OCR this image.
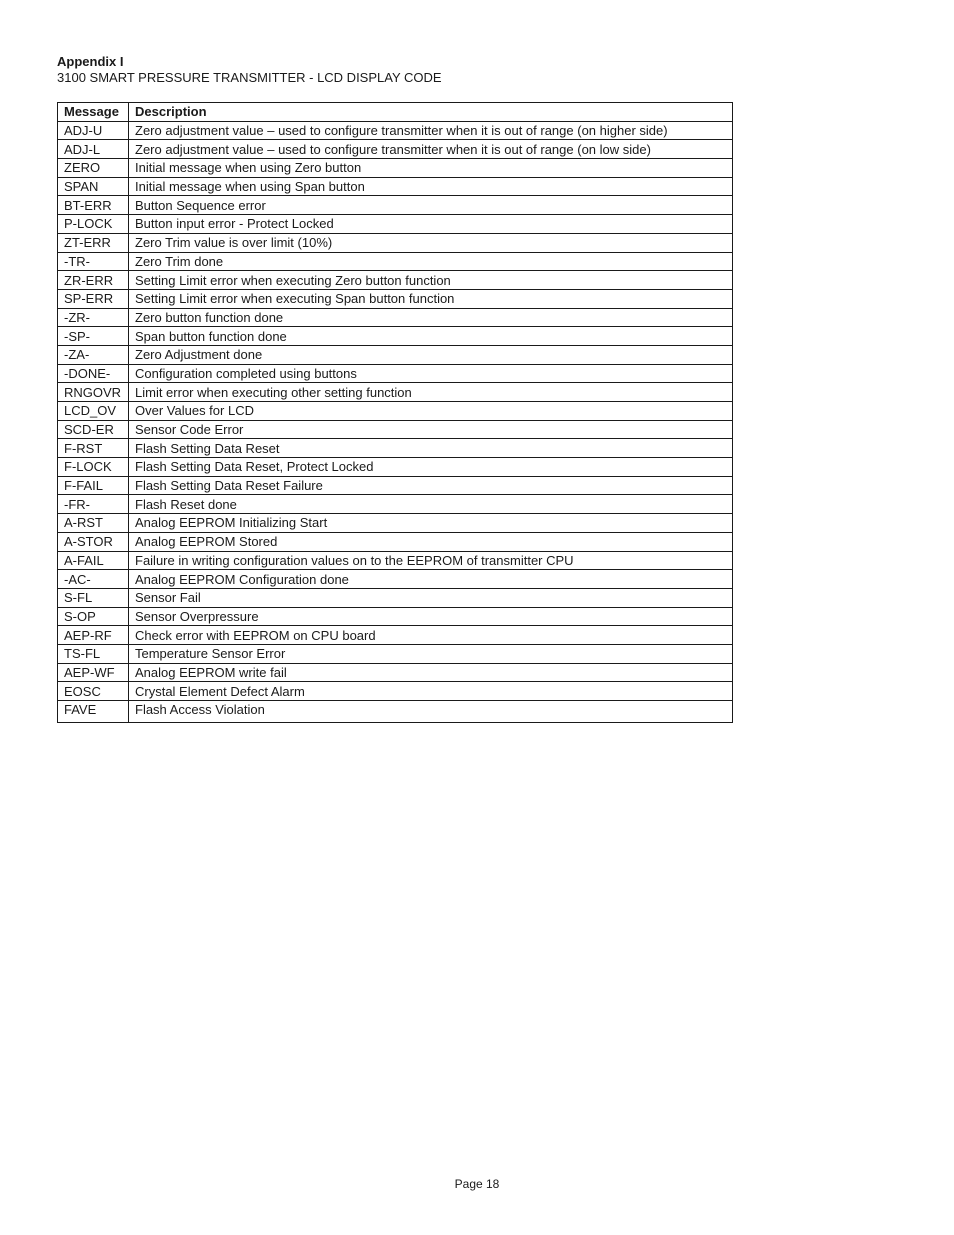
Appendix I
3100 SMART PRESSURE TRANSMITTER - LCD DISPLAY CODE
Message	Description
ADJ-U	Zero adjustment value – used to configure transmitter when it is out of range (on higher side)
ADJ-L	Zero adjustment value – used to configure transmitter when it is out of range (on low side)
ZERO	Initial message when using Zero button
SPAN	Initial message when using Span button
BT-ERR	Button Sequence error
P-LOCK	Button input error - Protect Locked
ZT-ERR	Zero Trim value is over limit (10%)
-TR-	Zero Trim done
ZR-ERR	Setting Limit error when executing Zero button function
SP-ERR	Setting Limit error when executing Span button function
-ZR-	Zero button function done
-SP-	Span button function done
-ZA-	Zero Adjustment done
-DONE-	Configuration completed using buttons
RNGOVR	Limit error when executing other setting function
LCD_OV	Over Values for LCD
SCD-ER	Sensor Code Error
F-RST	Flash Setting Data Reset
F-LOCK	Flash Setting Data Reset, Protect Locked
F-FAIL	Flash Setting Data Reset Failure
-FR-	Flash Reset done
A-RST	Analog EEPROM Initializing Start
A-STOR	Analog EEPROM Stored
A-FAIL	Failure in writing configuration values on to the EEPROM of transmitter CPU
-AC-	Analog EEPROM Configuration done
S-FL	Sensor Fail
S-OP	Sensor Overpressure
AEP-RF	Check error with EEPROM on CPU board
TS-FL	Temperature Sensor Error
AEP-WF	Analog EEPROM write fail
EOSC	Crystal Element Defect Alarm
FAVE	Flash Access Violation
Page 18
